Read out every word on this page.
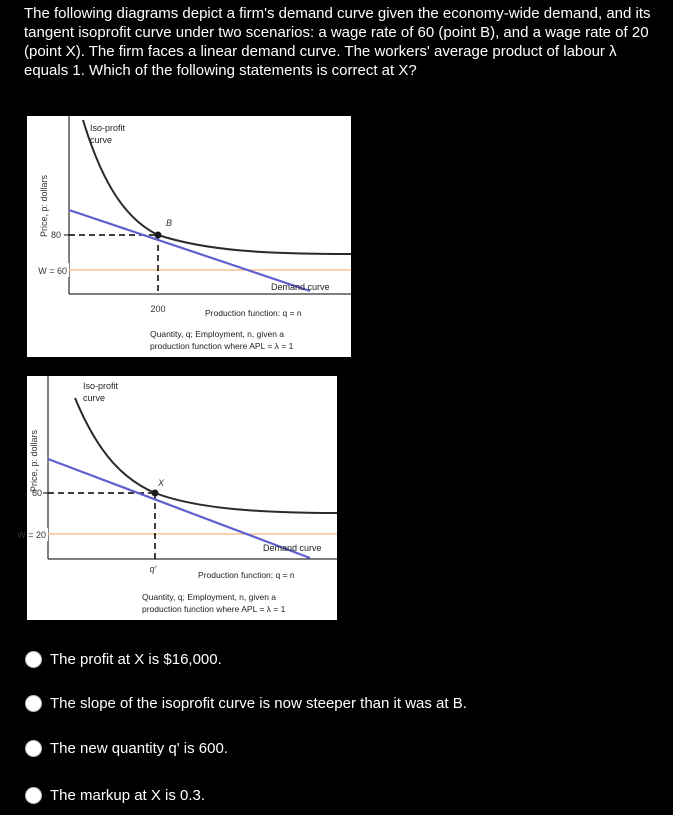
The following diagrams depict a firm's demand curve given the economy-wide demand, and its tangent isoprofit curve under two scenarios: a wage rate of 60 (point B), and a wage rate of 20 (point X). The firm faces a linear demand curve. The workers' average product of labour λ equals 1. Which of the following statements is correct at X?

Price, p: dollars
W = 60
80
B
Iso-profit
curve
Demand curve
200	Production function: q = n
Quantity, q; Employment, n, given a
production function where APL = λ = 1
Price, p: dollars
W = 20
60
X
Iso-profit
curve
Demand curve
q'
Production function: q = n
Quantity, q; Employment, n, given a
production function where APL = λ = 1
The profit at X is $16,000.
The slope of the isoprofit curve is now steeper than it was at B.
The new quantity q' is 600.
The markup at X is 0.3.
